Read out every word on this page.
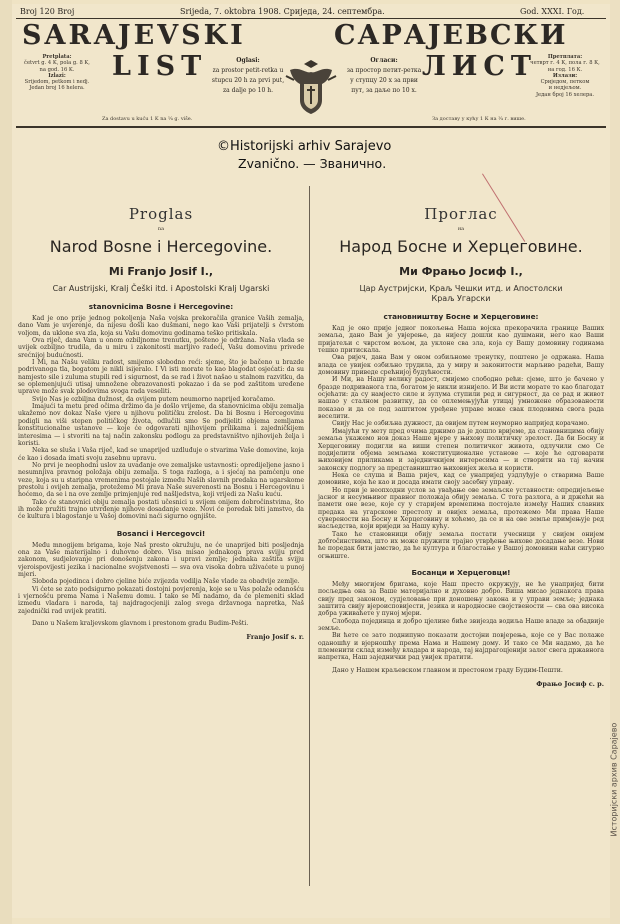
Broj 120 Broj	Srijeda, 7. oktobra 1908. Сриједа, 24. септембра.	God. XXXI. Год.
SARAJEVSKI
LIST
САРАЈЕВСКИ
ЛИСТ
Pretplata:
četvrt g. 4 K, pola g. 8 K,
na god. 16 K.
Izlazi:
Srijedom, petkom i nedj.
Jedan broj 16 helera.
Oglasi:
za prostor petit-retka u
stupcu 20 h za prvi put,
za dalje po 10 h.
Za dostavu u kuću 1 K na ¼ g. više.
Огласи:
за простор петит-ретка
у ступцу 20 х за први
пут, за даље по 10 х.
Претплата:
четврт г. 4 К, пола г. 8 К,
на год. 16 К.
Излази:
Сриједом, петком
и недјељом.
Један број 16 хелера.
За доставу у кућу 1 К на ¼ г. више.
©Historijski arhiv Sarajevo
Zvanično. — Званично.
Proglas
na
Narod Bosne i Hercegovine.
Mi Franjo Josif I.,
Car Austrijski, Kralj Češki itd. i Apostolski Kralj Ugarski
stanovnicima Bosne i Hercegovine:

Kad je ono prije jednog pokoljenja Naša vojska prekoračila granice Vaših zemalja, dano Vam je uvjerenje, da nijesu došli kao dušmani, nego kao Vaši prijatelji s čvrstom voljom, da uklone sva zla, koja su Vašu domovinu godinama teško pritiskala.

Ova riječ, dana Vam u onom ozbiljnome trenutku, pošteno je održana. Naša vlada se uvijek ozbiljno trudila, da u miru i zakonitosti marljivo radeći, Vašu domovinu privede srećnijoj budućnosti.

I Mi, na Našu veliku radost, smijemo slobodno reći: sjeme, što je bačeno u brazde podrivanoga tla, bogatom je nikli isijeralo. I Vi isti morate to kao blagodat osjećati: da su namjesto sile i zuluma stupili red i sigurnost, da se rad i život našao u stalnom razvitku, da se oplemenjujući utisaj umnožene obrazovanosti pokazao i da se pod zaštitom uređene uprave može svak plodovima svoga rada veseliti.

Svijo Nas je ozbiljna dužnost, da ovijem putem neumorno naprijed koračamo.

Imajući ta metu pred očima držimo da je došlo vrijeme, da stanovnicima obiju zemalja ukažemo nov dokaz Naše vjere u njihovu političku zrelost. Da bi Bosnu i Hercegovinu podigli na viši stepen političkog života, odlučili smo Se podijeliti objema zemljama konstitucionalne ustanove — koje će odgovarati njihovijem prilikama i zajedničkijem interesima — i stvoriti na taj način zakonsku podlogu za predstavništvo njihovijeh želja i koristi.

Neka se sluša i Vaša riječ, kad se unaprijed uzdluđuje o stvarima Vaše domovine, koja će kao i dosada imati svoju zasebnu upravu.

No prvi je neophodni uslov za uvađanje ove zemaljske ustavnosti: opredijeljene jasno i nesumnjiva pravnog položaja obiju zemalja. S toga razloga, a i sjećaj na pamćenju one veze, koja su u staripna vremenima postojale između Naših slavnih predaka na ugarskome prestolu i ovijeh zemalja, protežemo Mi prava Naše suverenosti na Bosnu i Hercegovinu i hoćemo, da se i na ove zemlje primjenjuje red našljedstva, koji vrijedi za Našu kuću.

Tako će stanovnici obiju zemalja postati učesnici u svijem onijem dobročinstvima, što ih može pružiti trajno utvrđenje njihove dosadanje veze. Novi će poredak biti jamstvo, da će kultura i blagostanje u Vašoj domovini naći sigurno ognjište.

Bosanci i Hercegovci!

Među mnogijem brigama, koje Naš presto okružuju, ne će unaprijed biti posljednja ona za Vaše materijalno i duhovno dobro. Visa misao jednakoga prava svijju pred zakonom, sudjelovanje pri donošenju zakona i upravi zemlje; jednaka zaštita svijju vjeroispovijesti jezika i nacionalne svojstvenosti — sva ova visoka dobra uživaćete u punoj mjeri.

Sloboda pojedinca i dobro cjeline biće zvijezda vodilja Naše vlade za obadvije zemlje.

Vi ćete se zato podsigurno pokazati dostojni povjerenja, koje se u Vas polaže odanošću i vjernošću prema Nama i Našemu domu. I tako se Mi nadamo, da će plemeniti sklad između vladara i naroda, taj najdragocjeniji zalog svega državnoga napretka, Naš zajednički rad uvijek pratiti.

Dano u Našem kraljevskom glavnom i prestonom gradu Budim-Pešti.

Franjo Josif s. r.
Проглас
на
Народ Босне и Херцеговине.
Ми Фрањо Јосиф I.,
Цар Аустријски, Краљ Чешки итд. и Апостолски Краљ Угарски
становништву Босне и Херцеговине:

Кад је оно прије једног покољења Наша војска прекорачила границе Ваших земаља, дано Вам је увјерење, да нијесу дошли као душмани, него као Ваши пријатељи с чврстом вољом, да уклоне сва зла, која су Вашу домовину годинама тешко притискала.

Ова ријеч, дана Вам у оном озбиљноме тренутку, поштено је одржана. Наша влада се увијек озбиљно трудила, да у миру и законитости марљиво радећи, Вашу домовину приведе срећнијој будућности.

И Ми, на Нашу велику радост, смијемо слободно рећи: сјеме, што је бачено у бразде подриванога тла, богатом је никли изнијело. И Ви исти морате то као благодат осјећати: да су намјесто силе и зулума ступили ред и сигурност, да се рад и живот нашао у сталном развитку, да се оплемењујући утицај умножене образованости показао и да се под заштитом уређене управе може свак плодовима свога рада веселити.

Свију Нас је озбиљна дужност, да овијем путем неуморно напријед корачамо.

Имајући ту мету пред очима држимо да је дошло вријеме, да становницима обију земаља укажемо нов доказ Наше вјере у њихову политичку зрелост. Да би Босну и Херцеговину подигли на виши степен политичког живота, одлучили смо Се подијелити објема земљама конституционалне установе — које ће одговарати њиховијем приликама и заједничкијем интересима — и створити на тај начин законску подлогу за представништво њиховијех жеља и користи.

Нека се слуша и Ваша ријеч, кад се унапријед уздлуђује о стварима Ваше домовине, која ће као и досада имати своју засебну управу.

Но први је неопходни услов за увађање ове земаљске уставности: опредијељење јасног и несумњивог правног положаја обију земаља. С тога разлога, а и држећи на памети оне везе, које су у старијем времепима постојале између Наших славних предака на угарскоме престолу и овијех земаља, протежемо Ми права Наше суверености на Босну и Херцеговину и хоћемо, да се и на ове земље примјењује ред насљедства, који вриједи за Нашу кућу.

Тако ће становници обију земаља постати учесници у свијем онијем добročинствима, што их може пружити трајно утврђење њихове досадање везе. Нови ће поредак бити јамство, да ће култура и благостање у Вашој домовини наћи сигурно огњиште.

Босанци и Херцеговци!

Међу многијем бригама, које Наш престо окружују, не ће унапријед бити посљедња она за Ваше материјално и духовно добро. Виша мисао једнакога права свију пред законом, судјеловање при доношењу закона и у управи земље; једнака заштита свију вјероисповијести, језика и народносне својствености — сва ова висока добра уживаћете у пуној мјери.

Слобода појединца и добро цјелине биће звијезда водиља Наше владе за обадвије земље.

Ви ћете се зато поднипуно показати достојни повјерења, које се у Вас полаже оданошћу и вјерношћу према Нама и Нашему дому. И тако се Ми надамо, да ће племенити склад између владара и народа, тај најдрагоцјенији залог свега државнога напретка, Наш заједнички рад увијек пратити.

Дано у Нашем краљевском главном и престоном граду Будим-Пешти.

Фрањо Јосиф с. р.
Историјски архив Сарајево
